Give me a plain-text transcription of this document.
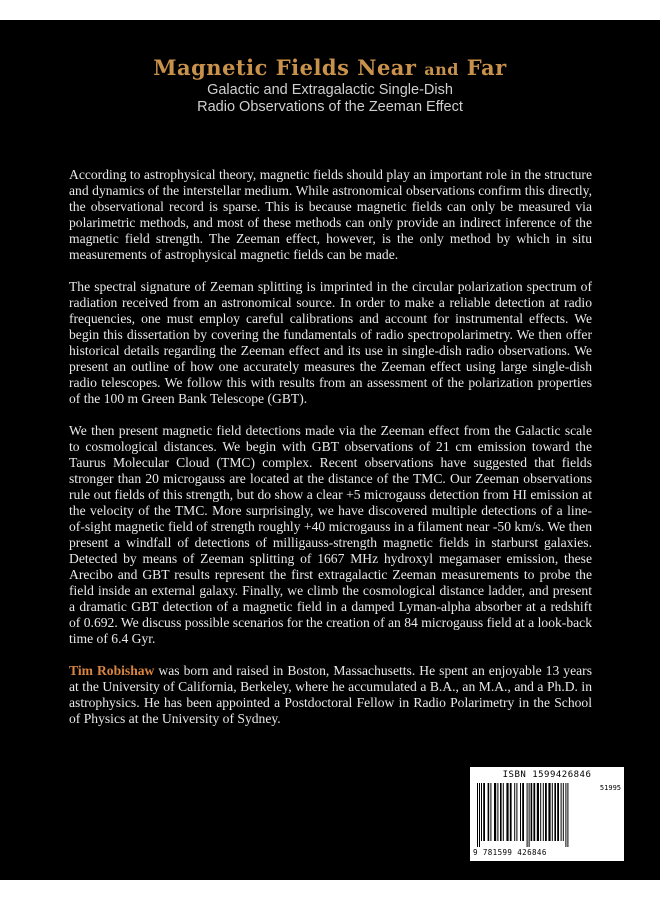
Magnetic Fields Near and Far
Galactic and Extragalactic Single-Dish
Radio Observations of the Zeeman Effect

According to astrophysical theory, magnetic fields should play an important role in the structure and dynamics of the interstellar medium. While astronomical observations confirm this directly, the observational record is sparse. This is because magnetic fields can only be measured via polarimetric methods, and most of these methods can only provide an indirect inference of the magnetic field strength. The Zeeman effect, however, is the only method by which in situ measurements of astrophysical magnetic fields can be made.

The spectral signature of Zeeman splitting is imprinted in the circular polarization spectrum of radiation received from an astronomical source. In order to make a reliable detection at radio frequencies, one must employ careful calibrations and account for instrumental effects. We begin this dissertation by covering the fundamentals of radio spectropolarimetry. We then offer historical details regarding the Zeeman effect and its use in single-dish radio observations. We present an outline of how one accurately measures the Zeeman effect using large single-dish radio telescopes. We follow this with results from an assessment of the polarization properties of the 100 m Green Bank Telescope (GBT).

We then present magnetic field detections made via the Zeeman effect from the Galactic scale to cosmological distances. We begin with GBT observations of 21 cm emission toward the Taurus Molecular Cloud (TMC) complex. Recent observations have suggested that fields stronger than 20 microgauss are located at the distance of the TMC. Our Zeeman observations rule out fields of this strength, but do show a clear +5 microgauss detection from HI emission at the velocity of the TMC. More surprisingly, we have discovered multiple detections of a line-of-sight magnetic field of strength roughly +40 microgauss in a filament near -50 km/s. We then present a windfall of detections of milligauss-strength magnetic fields in starburst galaxies. Detected by means of Zeeman splitting of 1667 MHz hydroxyl megamaser emission, these Arecibo and GBT results represent the first extragalactic Zeeman measurements to probe the field inside an external galaxy. Finally, we climb the cosmological distance ladder, and present a dramatic GBT detection of a magnetic field in a damped Lyman-alpha absorber at a redshift of 0.692. We discuss possible scenarios for the creation of an 84 microgauss field at a look-back time of 6.4 Gyr.

Tim Robishaw was born and raised in Boston, Massachusetts. He spent an enjoyable 13 years at the University of California, Berkeley, where he accumulated a B.A., an M.A., and a Ph.D. in astrophysics. He has been appointed a Postdoctoral Fellow in Radio Polarimetry in the School of Physics at the University of Sydney.

ISBN 1599426846
51995
9 781599 426846
